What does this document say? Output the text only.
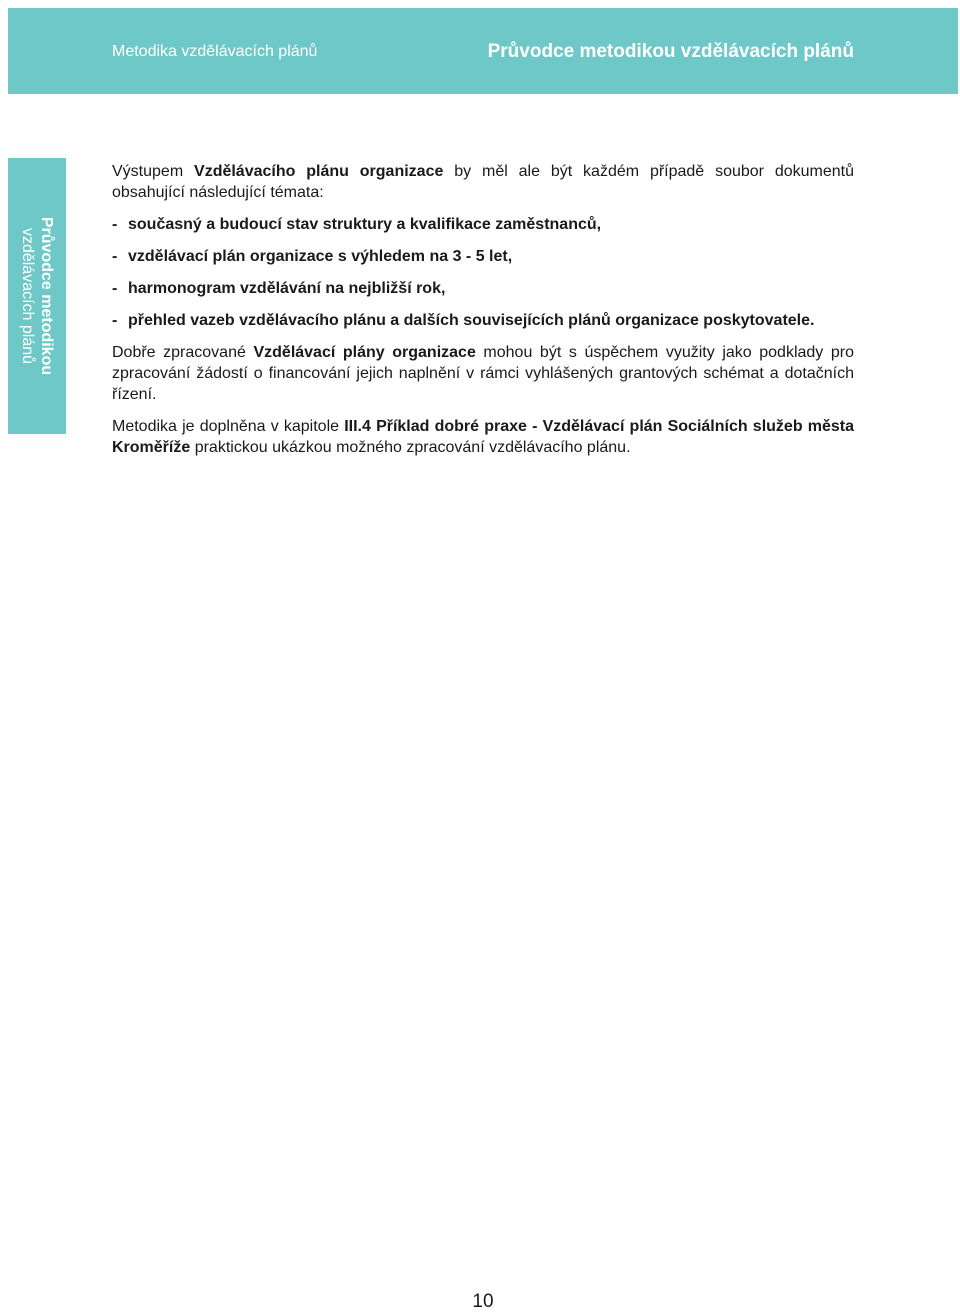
Metodika vzdělávacích plánů	Průvodce metodikou vzdělávacích plánů
Průvodce metodikou
vzdělávacích plánů

Výstupem Vzdělávacího plánu organizace by měl ale být každém případě soubor dokumentů obsahující následující témata:

- současný a budoucí stav struktury a kvalifikace zaměstnanců,
- vzdělávací plán organizace s výhledem na 3 - 5 let,
- harmonogram vzdělávání na nejbližší rok,
- přehled vazeb vzdělávacího plánu a dalších souvisejících plánů organizace poskytovatele.

Dobře zpracované Vzdělávací plány organizace mohou být s úspěchem využity jako podklady pro zpracování žádostí o financování jejich naplnění v rámci vyhlášených grantových schémat a dotačních řízení.

Metodika je doplněna v kapitole III.4 Příklad dobré praxe - Vzdělávací plán Sociálních služeb města Kroměříže praktickou ukázkou možného zpracování vzdělávacího plánu.

10
